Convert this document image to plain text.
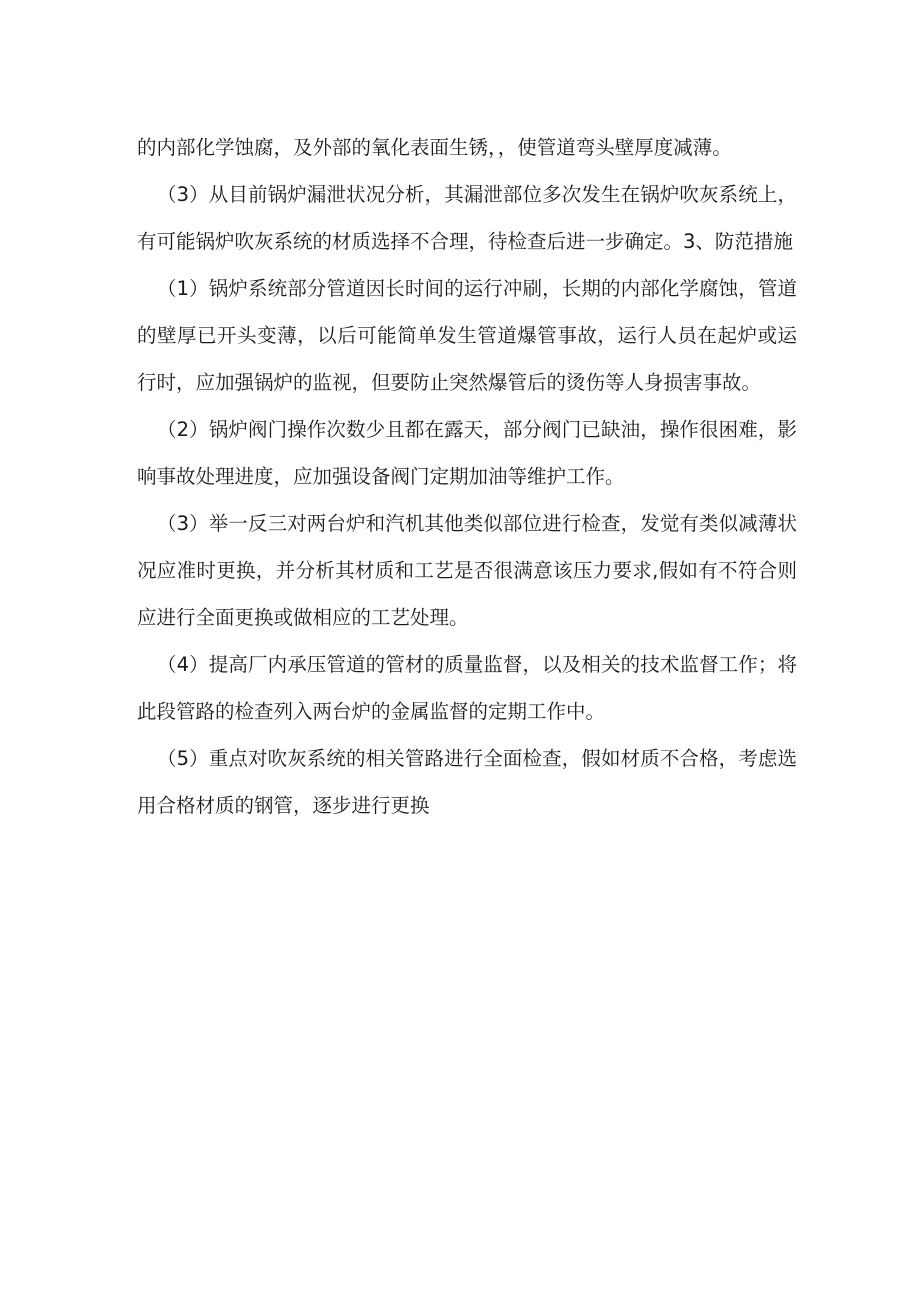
的内部化学蚀腐，及外部的氧化表面生锈，，使管道弯头壁厚度减薄。

（3）从目前锅炉漏泄状况分析，其漏泄部位多次发生在锅炉吹灰系统上，有可能锅炉吹灰系统的材质选择不合理，待检查后进一步确定。3、防范措施

（1）锅炉系统部分管道因长时间的运行冲刷，长期的内部化学腐蚀，管道的壁厚已开头变薄，以后可能简单发生管道爆管事故，运行人员在起炉或运行时，应加强锅炉的监视，但要防止突然爆管后的烫伤等人身损害事故。

（2）锅炉阀门操作次数少且都在露天，部分阀门已缺油，操作很困难，影响事故处理进度，应加强设备阀门定期加油等维护工作。

（3）举一反三对两台炉和汽机其他类似部位进行检查，发觉有类似减薄状况应准时更换，并分析其材质和工艺是否很满意该压力要求,假如有不符合则应进行全面更换或做相应的工艺处理。

（4）提高厂内承压管道的管材的质量监督，以及相关的技术监督工作；将此段管路的检查列入两台炉的金属监督的定期工作中。

（5）重点对吹灰系统的相关管路进行全面检查，假如材质不合格，考虑选用合格材质的钢管，逐步进行更换
